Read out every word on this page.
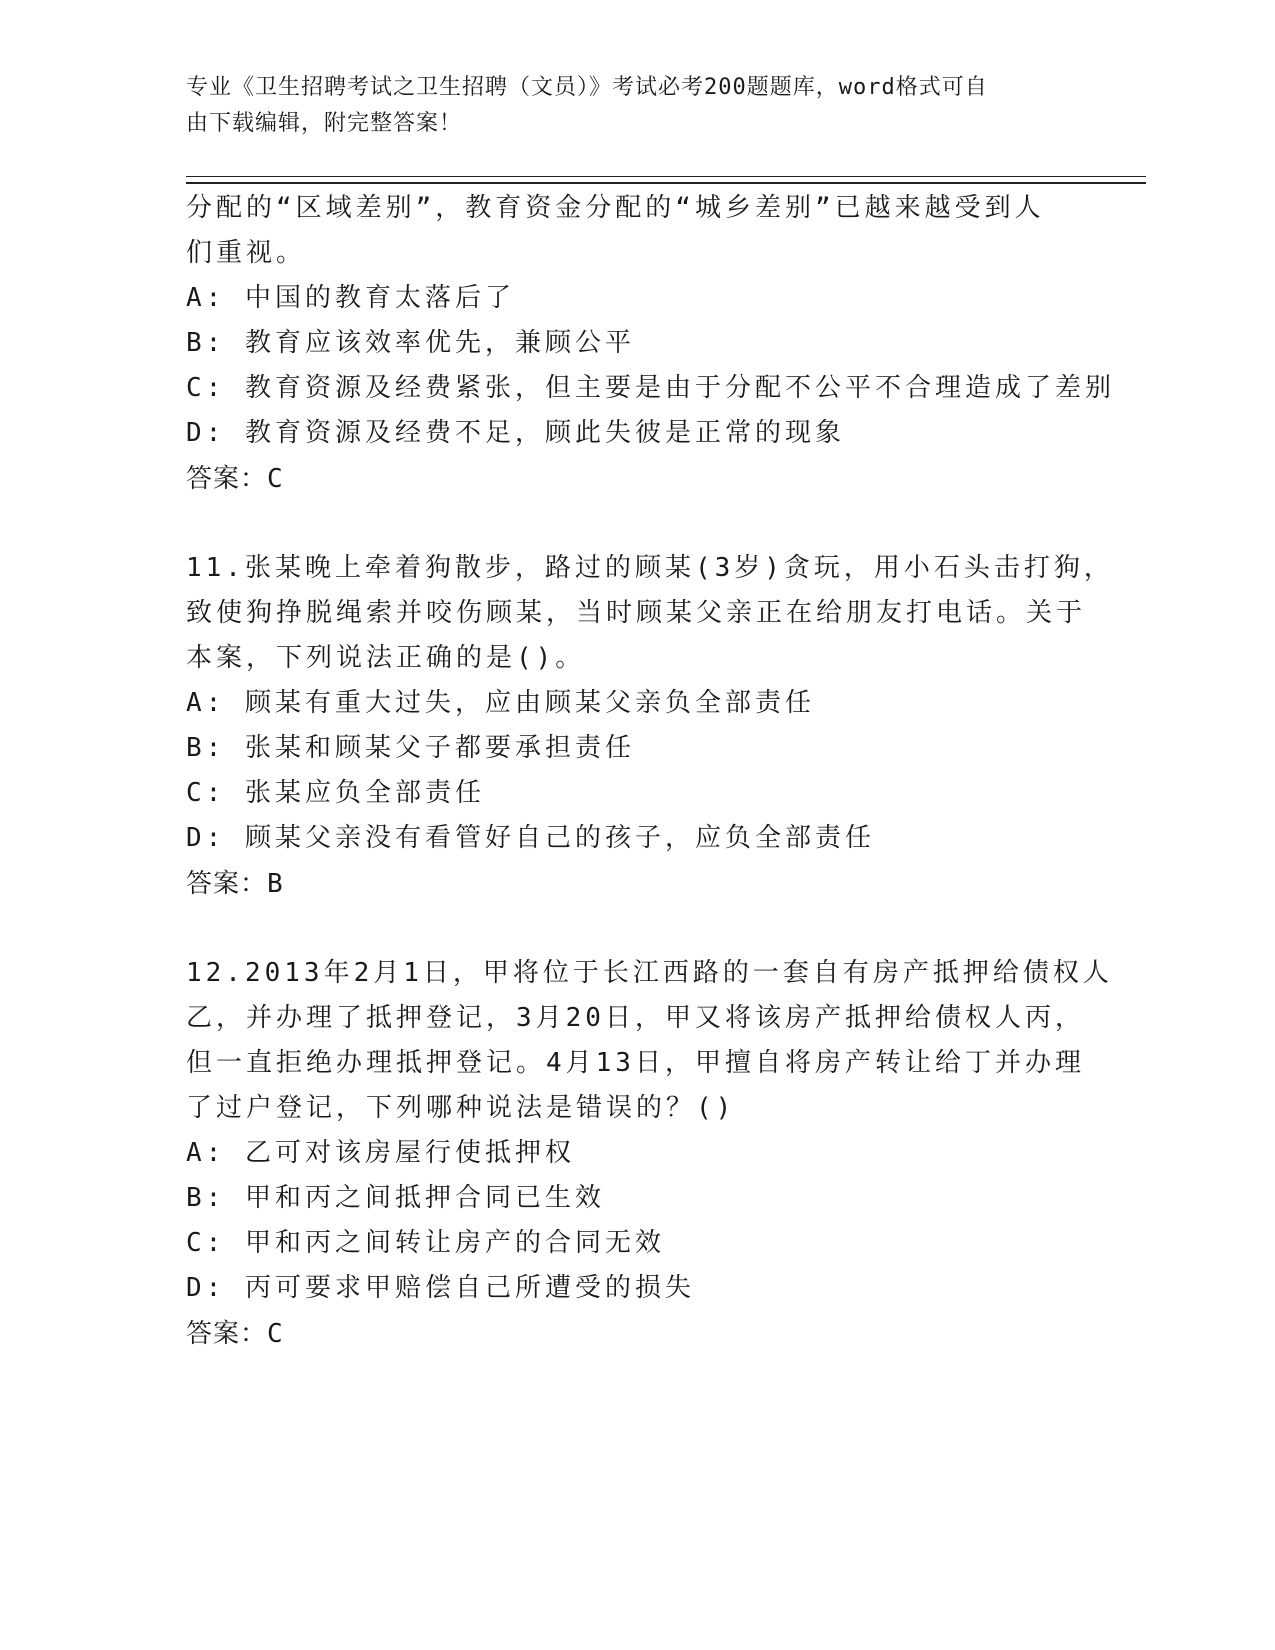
专业《卫生招聘考试之卫生招聘（文员）》考试必考200题题库，word格式可自
由下载编辑，附完整答案！
分配的“区域差别”，教育资金分配的“城乡差别”已越来越受到人
们重视。
A: 中国的教育太落后了
B: 教育应该效率优先，兼顾公平
C: 教育资源及经费紧张，但主要是由于分配不公平不合理造成了差别
D: 教育资源及经费不足，顾此失彼是正常的现象
答案：C
11.张某晚上牵着狗散步，路过的顾某(3岁)贪玩，用小石头击打狗，
致使狗挣脱绳索并咬伤顾某，当时顾某父亲正在给朋友打电话。关于
本案，下列说法正确的是()。
A: 顾某有重大过失，应由顾某父亲负全部责任
B: 张某和顾某父子都要承担责任
C: 张某应负全部责任
D: 顾某父亲没有看管好自己的孩子，应负全部责任
答案：B
12.2013年2月1日，甲将位于长江西路的一套自有房产抵押给债权人
乙，并办理了抵押登记，3月20日，甲又将该房产抵押给债权人丙，
但一直拒绝办理抵押登记。4月13日，甲擅自将房产转让给丁并办理
了过户登记，下列哪种说法是错误的？()
A: 乙可对该房屋行使抵押权
B: 甲和丙之间抵押合同已生效
C: 甲和丙之间转让房产的合同无效
D: 丙可要求甲赔偿自己所遭受的损失
答案：C
